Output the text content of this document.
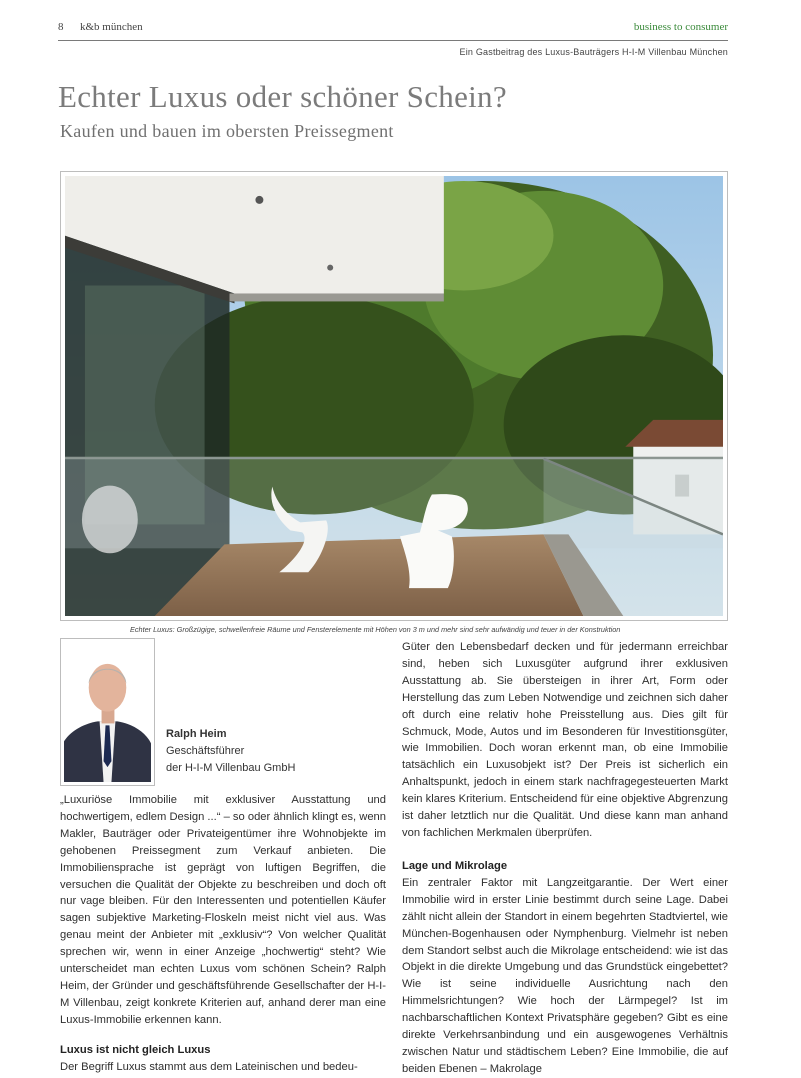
8 k&b münchen	business to consumer
Ein Gastbeitrag des Luxus-Bauträgers H-I-M Villenbau München
Echter Luxus oder schöner Schein?
Kaufen und bauen im obersten Preissegment
Echter Luxus: Großzügige, schwellenfreie Räume und Fensterelemente mit Höhen von 3 m und mehr sind sehr aufwändig und teuer in der Konstruktion
Ralph Heim
Geschäftsführer
der H-I-M Villenbau GmbH

„Luxuriöse Immobilie mit exklusiver Ausstattung und hochwertigem, edlem Design ...“ – so oder ähnlich klingt es, wenn Makler, Bauträger oder Privateigentümer ihre Wohnobjekte im gehobenen Preissegment zum Verkauf anbieten. Die Immobiliensprache ist geprägt von luftigen Begriffen, die versuchen die Qualität der Objekte zu beschreiben und doch oft nur vage bleiben. Für den Interessenten und potentiellen Käufer sagen subjektive Marketing-Floskeln meist nicht viel aus. Was genau meint der Anbieter mit „exklusiv“? Von welcher Qualität sprechen wir, wenn in einer Anzeige „hochwertig“ steht? Wie unterscheidet man echten Luxus vom schönen Schein? Ralph Heim, der Gründer und geschäftsführende Gesellschafter der H-I-M Villenbau, zeigt konkrete Kriterien auf, anhand derer man eine Luxus-Immobilie erkennen kann.

Luxus ist nicht gleich Luxus

Der Begriff Luxus stammt aus dem Lateinischen und bedeu-

Güter den Lebensbedarf decken und für jedermann erreichbar sind, heben sich Luxusgüter aufgrund ihrer exklusiven Ausstattung ab. Sie übersteigen in ihrer Art, Form oder Herstellung das zum Leben Notwendige und zeichnen sich daher oft durch eine relativ hohe Preisstellung aus. Dies gilt für Schmuck, Mode, Autos und im Besonderen für Investitionsgüter, wie Immobilien. Doch woran erkennt man, ob eine Immobilie tatsächlich ein Luxusobjekt ist? Der Preis ist sicherlich ein Anhaltspunkt, jedoch in einem stark nachfragegesteuerten Markt kein klares Kriterium. Entscheidend für eine objektive Abgrenzung ist daher letztlich nur die Qualität. Und diese kann man anhand von fachlichen Merkmalen überprüfen.

Lage und Mikrolage

Ein zentraler Faktor mit Langzeitgarantie. Der Wert einer Immobilie wird in erster Linie bestimmt durch seine Lage. Dabei zählt nicht allein der Standort in einem begehrten Stadtviertel, wie München-Bogenhausen oder Nymphenburg. Vielmehr ist neben dem Standort selbst auch die Mikrolage entscheidend: wie ist das Objekt in die direkte Umgebung und das Grundstück eingebettet? Wie ist seine individuelle Ausrichtung nach den Himmelsrichtungen? Wie hoch der Lärmpegel? Ist im nachbarschaftlichen Kontext Privatsphäre gegeben? Gibt es eine direkte Verkehrsanbindung und ein ausgewogenes Verhältnis zwischen Natur und städtischem Leben? Eine Immobilie, die auf beiden Ebenen – Makrolage
